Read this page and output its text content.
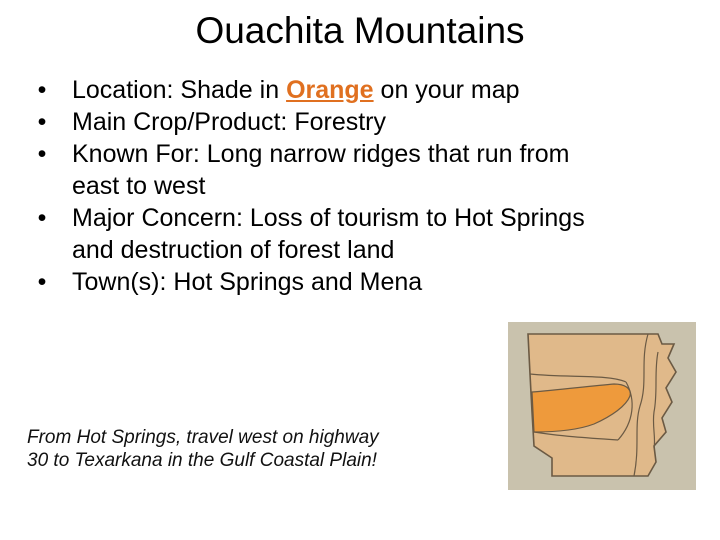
Ouachita Mountains
• Location: Shade in Orange on your map
• Main Crop/Product: Forestry
• Known For: Long narrow ridges that run from
east to west
• Major Concern: Loss of tourism to Hot Springs
and destruction of forest land
• Town(s): Hot Springs and Mena
From Hot Springs, travel west on highway
30 to Texarkana in the Gulf Coastal Plain!
